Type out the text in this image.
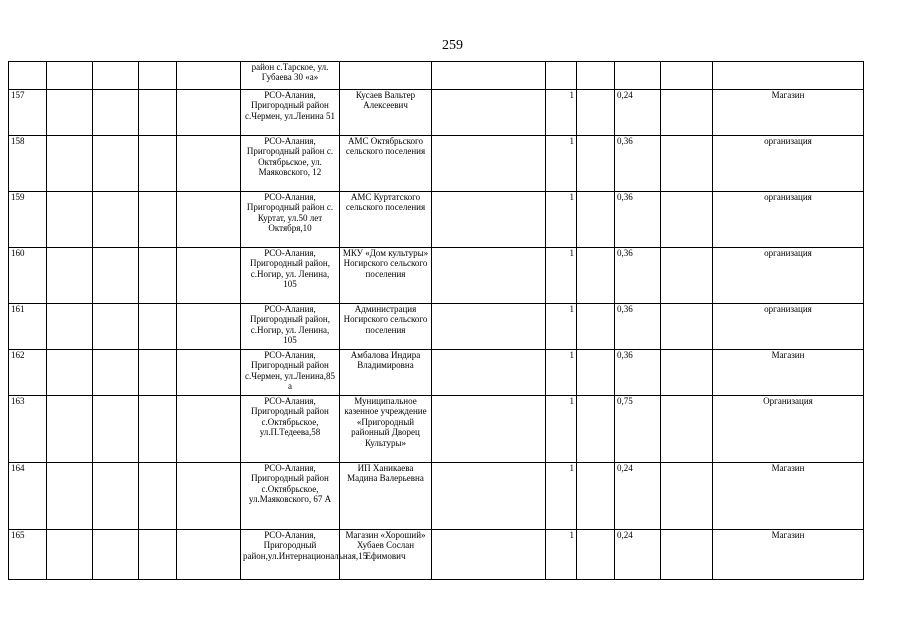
259
					район с.Тарское, ул. Губаева 30 «а»							
157					РСО-Алания, Пригородный район с.Чермен, ул.Ленина 51	Кусаев Вальтер Алексеевич		1		0,24		Магазин
158					РСО-Алания, Пригородный район с. Октябрьское, ул. Маяковского, 12	АМС Октябрьского сельского поселения		1		0,36		организация
159					РСО-Алания, Пригородный район с. Куртат, ул.50 лет Октября,10	АМС Куртатского сельского поселения		1		0,36		организация
160					РСО-Алания, Пригородный район, с.Ногир, ул. Ленина, 105	МКУ «Дом культуры» Ногирского сельского поселения		1		0,36		организация
161					РСО-Алания, Пригородный район, с.Ногир, ул. Ленина, 105	Администрация Ногирского сельского поселения		1		0,36		организация
162					РСО-Алания, Пригородный район с.Чермен, ул.Ленина,85 а	Амбалова Индира Владимировна		1		0,36		Магазин
163					РСО-Алания, Пригородный район с.Октябрьское, ул.П.Тедеева,58	Муниципальное казенное учреждение «Пригородный районный Дворец Культуры»		1		0,75		Организация
164					РСО-Алания, Пригородный район с.Октябрьское, ул.Маяковского, 67 А	ИП Ханикаева Мадина Валерьевна		1		0,24		Магазин
165					РСО-Алания, Пригородный район,ул.Интернациональная,15	Магазин «Хороший» Хубаев Сослан Ефимович		1		0,24		Магазин
